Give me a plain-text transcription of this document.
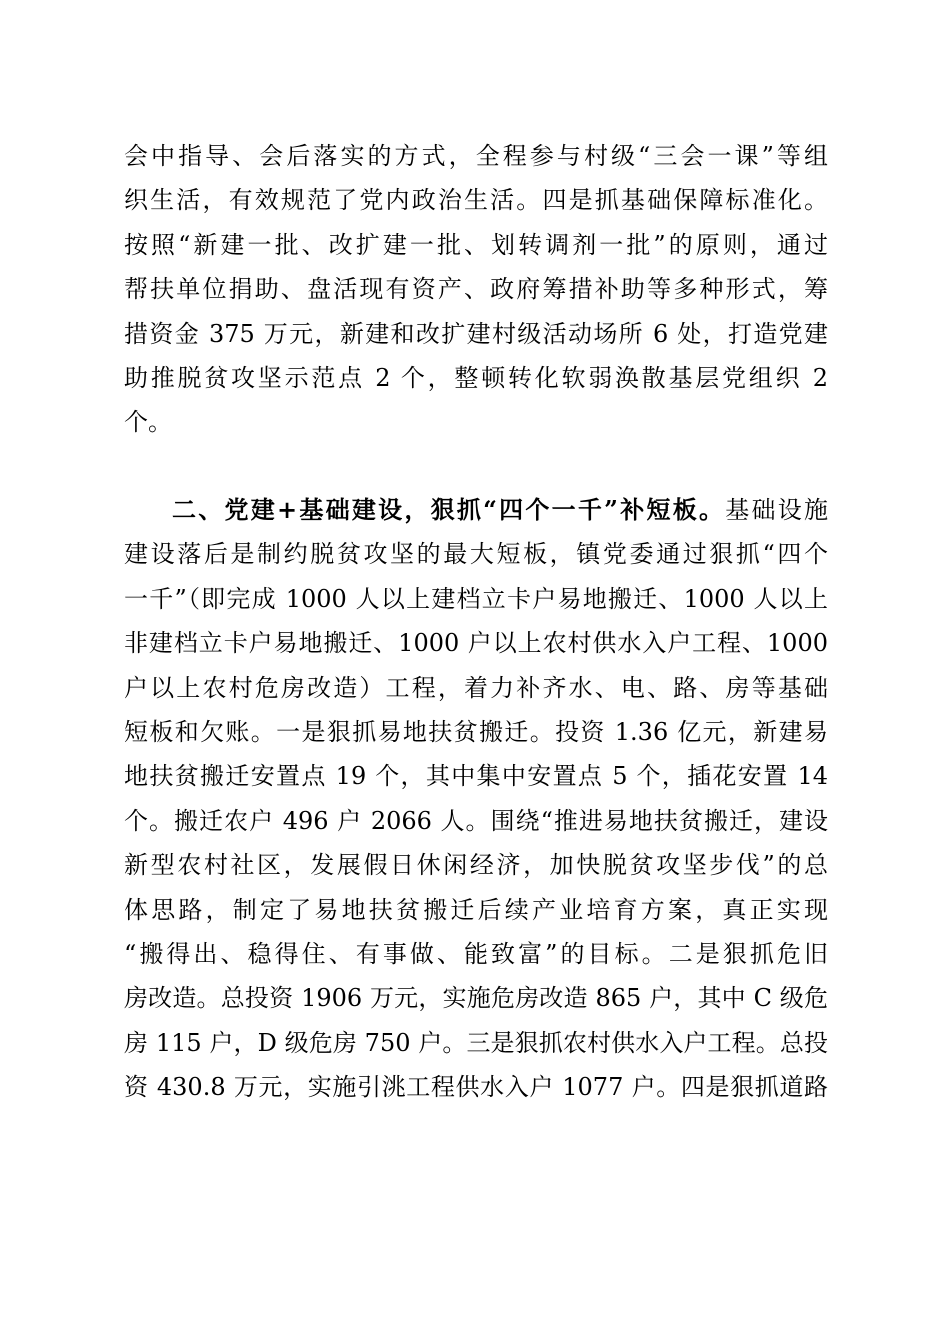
会中指导、会后落实的方式，全程参与村级“三会一课”等组
织生活，有效规范了党内政治生活。四是抓基础保障标准化。
按照“新建一批、改扩建一批、划转调剂一批”的原则，通过
帮扶单位捐助、盘活现有资产、政府筹措补助等多种形式，筹
措资金 375 万元，新建和改扩建村级活动场所 6 处，打造党建
助推脱贫攻坚示范点 2 个，整顿转化软弱涣散基层党组织 2
个。
二、党建+基础建设，狠抓“四个一千”补短板。基础设施
建设落后是制约脱贫攻坚的最大短板，镇党委通过狠抓“四个
一千”（即完成 1000 人以上建档立卡户易地搬迁、1000 人以上
非建档立卡户易地搬迁、1000 户以上农村供水入户工程、1000
户以上农村危房改造）工程，着力补齐水、电、路、房等基础
短板和欠账。一是狠抓易地扶贫搬迁。投资 1.36 亿元，新建易
地扶贫搬迁安置点 19 个，其中集中安置点 5 个，插花安置 14
个。搬迁农户 496 户 2066 人。围绕“推进易地扶贫搬迁，建设
新型农村社区，发展假日休闲经济，加快脱贫攻坚步伐”的总
体思路，制定了易地扶贫搬迁后续产业培育方案，真正实现
“搬得出、稳得住、有事做、能致富”的目标。二是狠抓危旧
房改造。总投资 1906 万元，实施危房改造 865 户，其中 C 级危
房 115 户，D 级危房 750 户。三是狠抓农村供水入户工程。总投
资 430.8 万元，实施引洮工程供水入户 1077 户。四是狠抓道路
